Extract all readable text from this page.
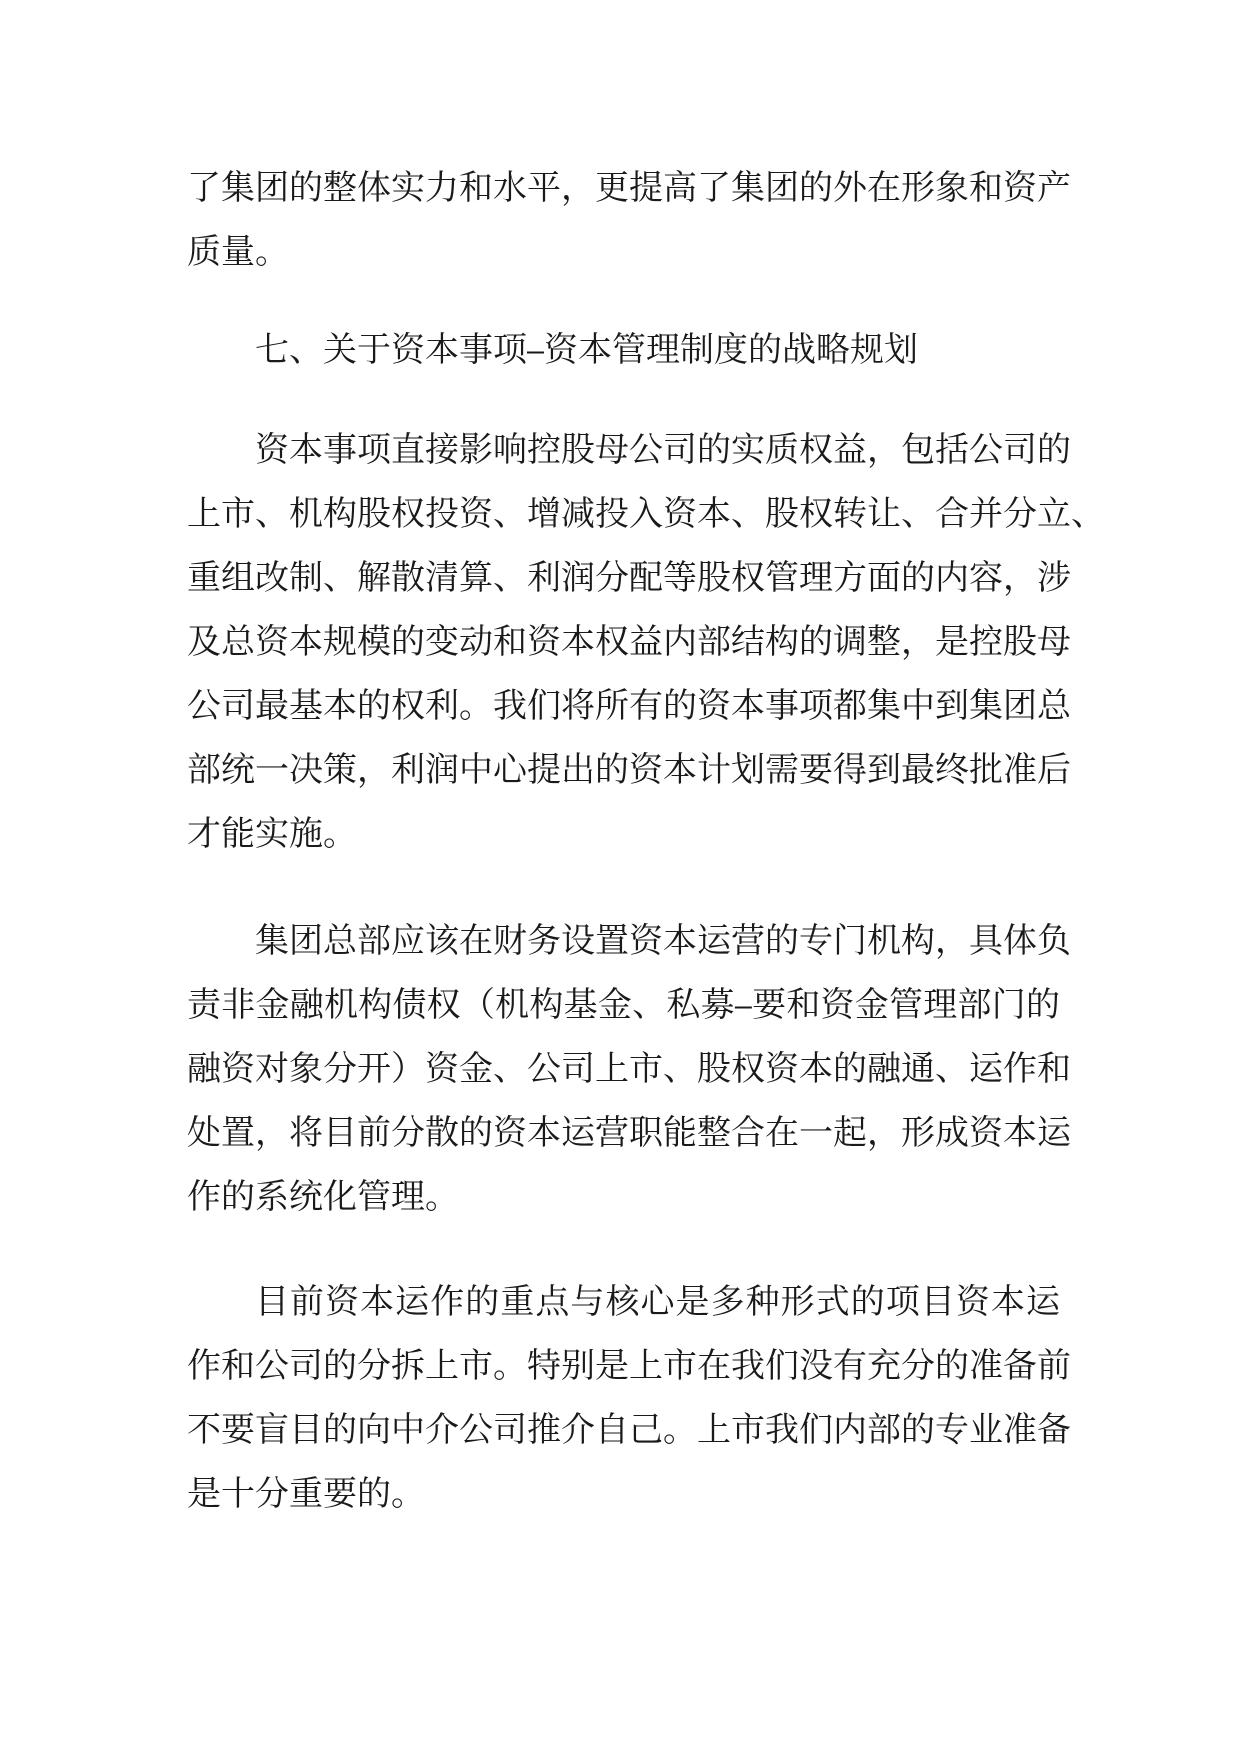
了集团的整体实力和水平，更提高了集团的外在形象和资产
质量。
七、关于资本事项⎯资本管理制度的战略规划
资本事项直接影响控股母公司的实质权益，包括公司的
上市、机构股权投资、增减投入资本、股权转让、合并分立、
重组改制、解散清算、利润分配等股权管理方面的内容，涉
及总资本规模的变动和资本权益内部结构的调整，是控股母
公司最基本的权利。我们将所有的资本事项都集中到集团总
部统一决策，利润中心提出的资本计划需要得到最终批准后
才能实施。
集团总部应该在财务设置资本运营的专门机构，具体负
责非金融机构债权（机构基金、私募⎯要和资金管理部门的
融资对象分开）资金、公司上市、股权资本的融通、运作和
处置，将目前分散的资本运营职能整合在一起，形成资本运
作的系统化管理。
目前资本运作的重点与核心是多种形式的项目资本运
作和公司的分拆上市。特别是上市在我们没有充分的准备前
不要盲目的向中介公司推介自己。上市我们内部的专业准备
是十分重要的。
